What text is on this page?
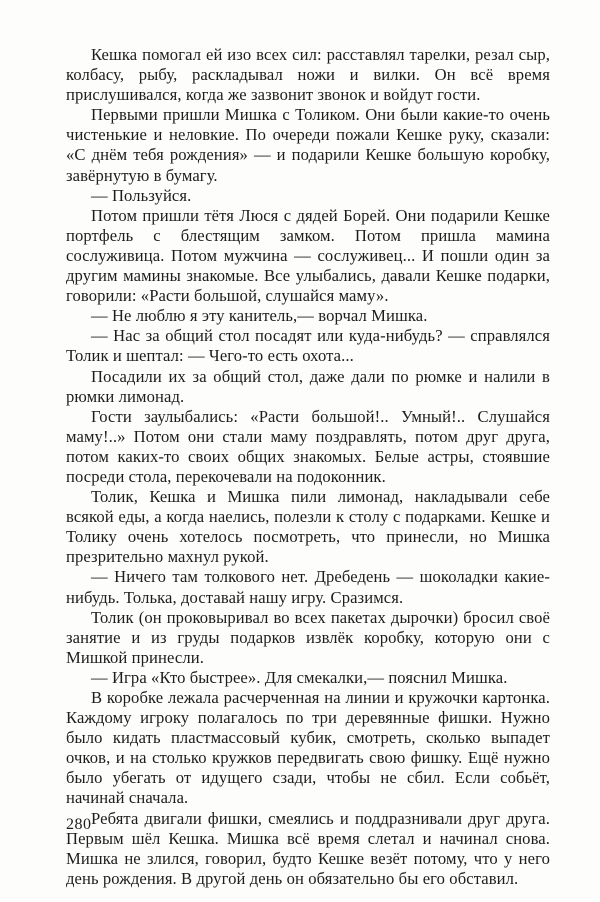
Кешка помогал ей изо всех сил: расставлял тарелки, резал сыр, колбасу, рыбу, раскладывал ножи и вилки. Он всё время прислушивался, когда же зазвонит звонок и войдут гости.

Первыми пришли Мишка с Толиком. Они были какие-то очень чистенькие и неловкие. По очереди пожали Кешке руку, сказали: «С днём тебя рождения» — и подарили Кешке большую коробку, завёрнутую в бумагу.

— Пользуйся.

Потом пришли тётя Люся с дядей Борей. Они подарили Кешке портфель с блестящим замком. Потом пришла мамина сослуживица. Потом мужчина — сослуживец... И пошли один за другим мамины знакомые. Все улыбались, давали Кешке подарки, говорили: «Расти большой, слушайся маму».

— Не люблю я эту канитель,— ворчал Мишка.

— Нас за общий стол посадят или куда-нибудь? — справлялся Толик и шептал: — Чего-то есть охота...

Посадили их за общий стол, даже дали по рюмке и налили в рюмки лимонад.

Гости заулыбались: «Расти большой!.. Умный!.. Слушайся маму!..» Потом они стали маму поздравлять, потом друг друга, потом каких-то своих общих знакомых. Белые астры, стоявшие посреди стола, перекочевали на подоконник.

Толик, Кешка и Мишка пили лимонад, накладывали себе всякой еды, а когда наелись, полезли к столу с подарками. Кешке и Толику очень хотелось посмотреть, что принесли, но Мишка презрительно махнул рукой.

— Ничего там толкового нет. Дребедень — шоколадки какие-нибудь. Толька, доставай нашу игру. Сразимся.

Толик (он проковыривал во всех пакетах дырочки) бросил своё занятие и из груды подарков извлёк коробку, которую они с Мишкой принесли.

— Игра «Кто быстрее». Для смекалки,— пояснил Мишка.

В коробке лежала расчерченная на линии и кружочки картонка. Каждому игроку полагалось по три деревянные фишки. Нужно было кидать пластмассовый кубик, смотреть, сколько выпадет очков, и на столько кружков передвигать свою фишку. Ещё нужно было убегать от идущего сзади, чтобы не сбил. Если собьёт, начинай сначала.

Ребята двигали фишки, смеялись и поддразнивали друг друга. Первым шёл Кешка. Мишка всё время слетал и начинал снова. Мишка не злился, говорил, будто Кешке везёт потому, что у него день рождения. В другой день он обязательно бы его обставил.

280
